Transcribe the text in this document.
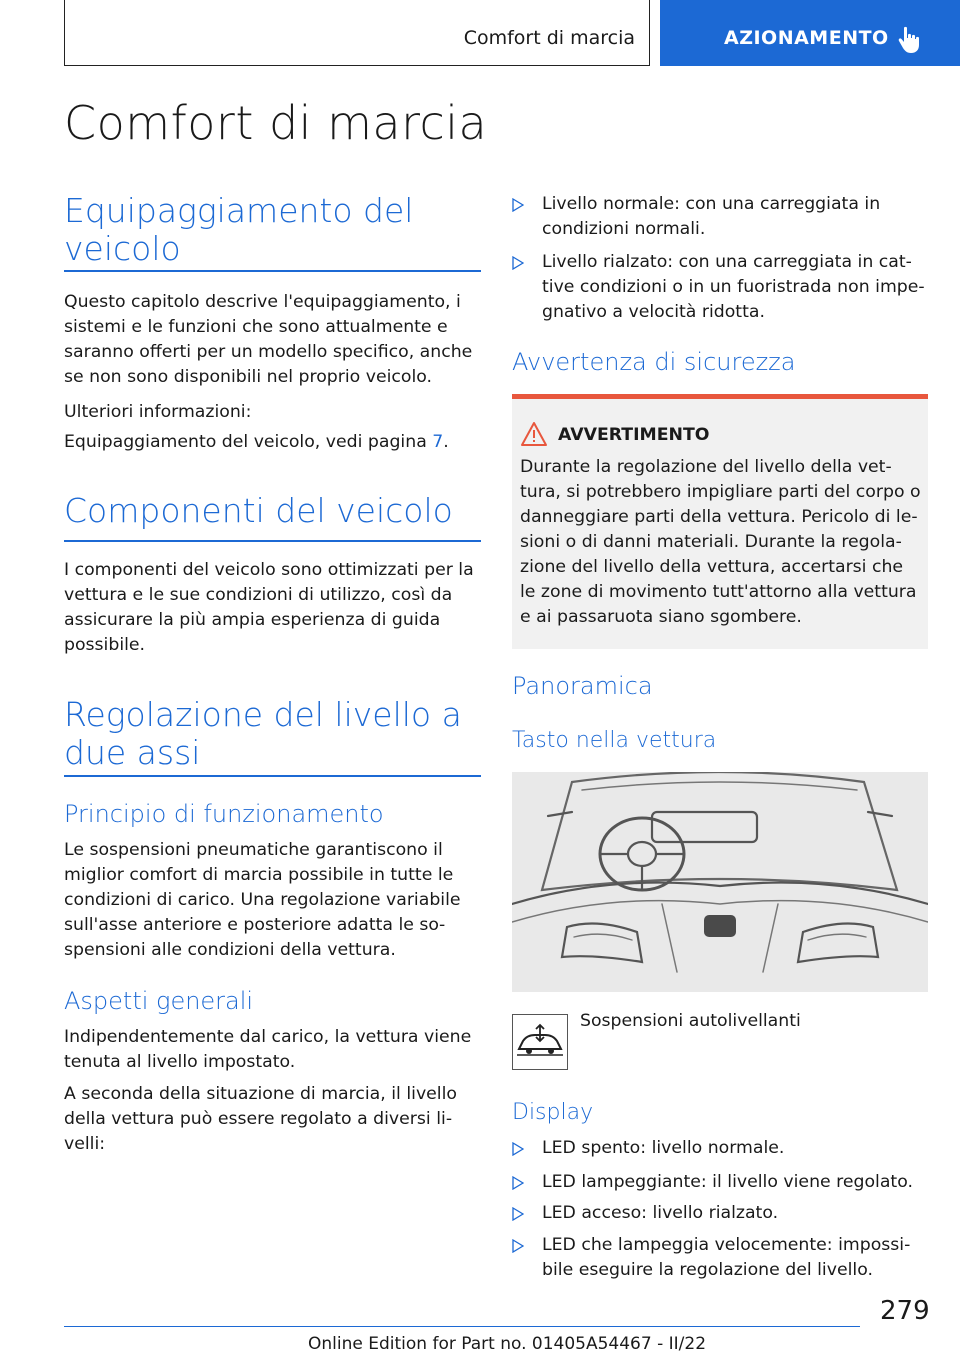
Comfort di marcia	AZIONAMENTO
Comfort di marcia
Equipaggiamento del veicolo
Questo capitolo descrive l'equipaggiamento, i sistemi e le funzioni che sono attualmente e saranno offerti per un modello specifico, anche se non sono disponibili nel proprio veicolo.
Ulteriori informazioni:
Equipaggiamento del veicolo, vedi pagina 7.
Componenti del veicolo
I componenti del veicolo sono ottimizzati per la vettura e le sue condizioni di utilizzo, così da assicurare la più ampia esperienza di guida possibile.
Regolazione del livello a due assi
Principio di funzionamento
Le sospensioni pneumatiche garantiscono il miglior comfort di marcia possibile in tutte le condizioni di carico. Una regolazione variabile sull'asse anteriore e posteriore adatta le sospensioni alle condizioni della vettura.
Aspetti generali
Indipendentemente dal carico, la vettura viene tenuta al livello impostato.
A seconda della situazione di marcia, il livello della vettura può essere regolato a diversi livelli:
Livello normale: con una carreggiata in condizioni normali.
Livello rialzato: con una carreggiata in cattive condizioni o in un fuoristrada non impegnativo a velocità ridotta.
Avvertenza di sicurezza
AVVERTIMENTO
Durante la regolazione del livello della vettura, si potrebbero impigliare parti del corpo o danneggiare parti della vettura. Pericolo di lesioni o di danni materiali. Durante la regolazione del livello della vettura, accertarsi che le zone di movimento tutt'attorno alla vettura e ai passaruota siano sgombere.
Panoramica
Tasto nella vettura
Sospensioni autolivellanti
Display
LED spento: livello normale.
LED lampeggiante: il livello viene regolato.
LED acceso: livello rialzato.
LED che lampeggia velocemente: impossibile eseguire la regolazione del livello.
279
Online Edition for Part no. 01405A54467 - II/22
